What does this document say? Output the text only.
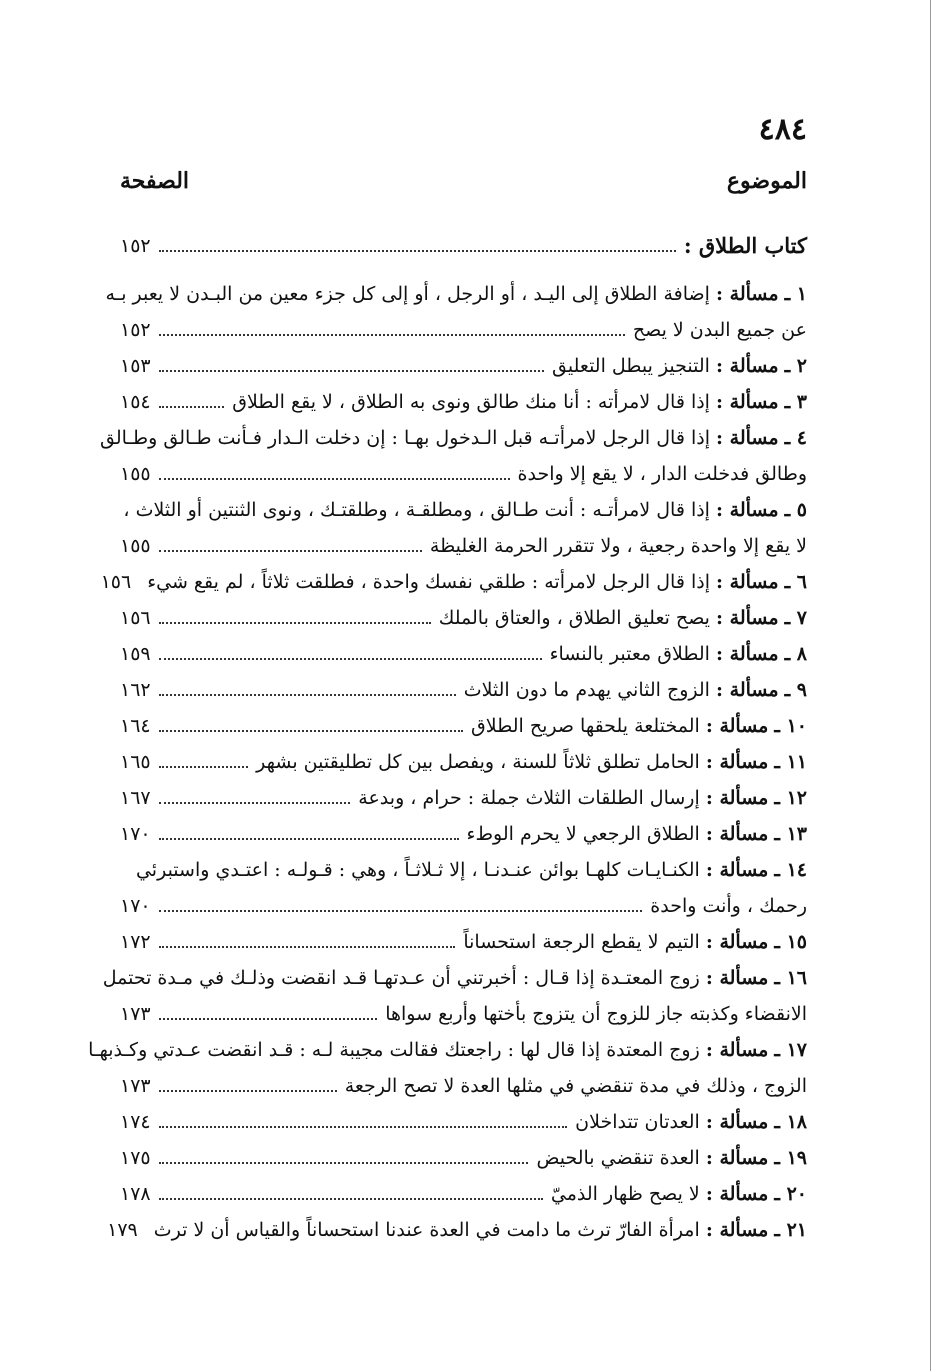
٤٨٤
الموضوع
الصفحة
كتاب الطلاق :
١٥٢
١ ـ مسألة : إضافة الطلاق إلى اليـد ، أو الرجل ، أو إلى كل جزء معين من البـدن لا يعبر بـه
عن جميع البدن لا يصح
١٥٢
٢ ـ مسألة : التنجيز يبطل التعليق
١٥٣
٣ ـ مسألة : إذا قال لامرأته : أنا منك طالق ونوى به الطلاق ، لا يقع الطلاق
١٥٤
٤ ـ مسألة : إذا قال الرجل لامرأتـه قبل الـدخول بهـا : إن دخلت الـدار فـأنت طـالق وطـالق
وطالق فدخلت الدار ، لا يقع إلا واحدة
١٥٥
٥ ـ مسألة : إذا قال لامرأتـه : أنت طـالق ، ومطلقـة ، وطلقتـك ، ونوى الثنتين أو الثلاث ،
لا يقع إلا واحدة رجعية ، ولا تتقرر الحرمة الغليظة
١٥٥
٦ ـ مسألة : إذا قال الرجل لامرأته : طلقي نفسك واحدة ، فطلقت ثلاثاً ، لم يقع شيء
١٥٦
٧ ـ مسألة : يصح تعليق الطلاق ، والعتاق بالملك
١٥٦
٨ ـ مسألة : الطلاق معتبر بالنساء
١٥٩
٩ ـ مسألة : الزوج الثاني يهدم ما دون الثلاث
١٦٢
١٠ ـ مسألة : المختلعة يلحقها صريح الطلاق
١٦٤
١١ ـ مسألة : الحامل تطلق ثلاثاً للسنة ، ويفصل بين كل تطليقتين بشهر
١٦٥
١٢ ـ مسألة : إرسال الطلقات الثلاث جملة : حرام ، وبدعة
١٦٧
١٣ ـ مسألة : الطلاق الرجعي لا يحرم الوطء
١٧٠
١٤ ـ مسألة : الكنـايـات كلهـا بوائن عنـدنـا ، إلا ثـلاثـاً ، وهي : قـولـه : اعتـدي واستبرئي
رحمك ، وأنت واحدة
١٧٠
١٥ ـ مسألة : التيم لا يقطع الرجعة استحساناً
١٧٢
١٦ ـ مسألة : زوج المعتـدة إذا قـال : أخبرتني أن عـدتهـا قـد انقضت وذلـك في مـدة تحتمل
الانقضاء وكذبته جاز للزوج أن يتزوج بأختها وأربع سواها
١٧٣
١٧ ـ مسألة : زوج المعتدة إذا قال لها : راجعتك فقالت مجيبة لـه : قـد انقضت عـدتي وكـذبهـا
الزوج ، وذلك في مدة تنقضي في مثلها العدة لا تصح الرجعة
١٧٣
١٨ ـ مسألة : العدتان تتداخلان
١٧٤
١٩ ـ مسألة : العدة تنقضي بالحيض
١٧٥
٢٠ ـ مسألة : لا يصح ظهار الذميّ
١٧٨
٢١ ـ مسألة : امرأة الفارّ ترث ما دامت في العدة عندنا استحساناً والقياس أن لا ترث
١٧٩
